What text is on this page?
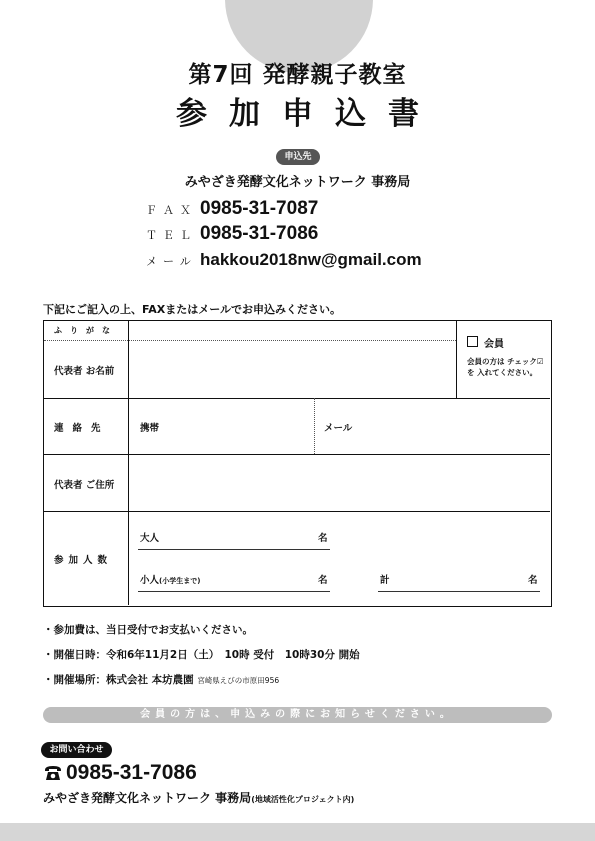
第7回 発酵親子教室
参加申込書
申込先
みやざき発酵文化ネットワーク 事務局
ＦＡＸ 0985-31-7087
ＴＥＬ 0985-31-7086
メール hakkou2018nw@gmail.com
下記にご記入の上、FAXまたはメールでお申込みください。
ふりがな
代表者 お名前
会員
会員の方は チェック☑を 入れてください。
連絡先	携帯	メール
代表者 ご住所
参加人数
大人	名
小人(小学生まで)	名	計	名
・参加費は、当日受付でお支払いください。
・開催日時：令和6年11月2日（土）　10時 受付　10時30分 開始
・開催場所：株式会社 本坊農園 宮崎県えびの市原田956
会員の方は、申込みの際にお知らせください。
お問い合わせ
0985-31-7086
みやざき発酵文化ネットワーク 事務局(地域活性化プロジェクト内)
